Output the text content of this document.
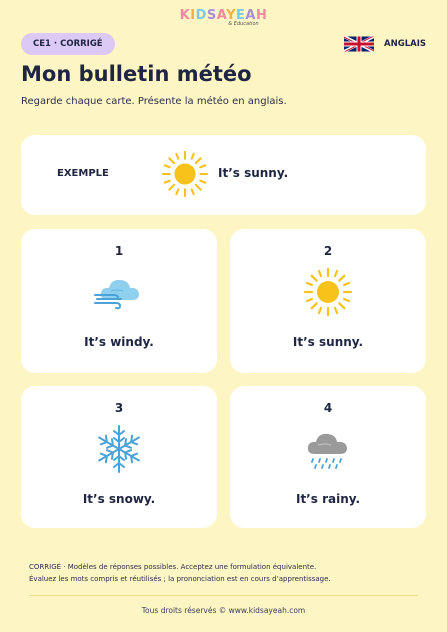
KIDSAYEAH
& Education
CE1 · CORRIGÉ	ANGLAIS
Mon bulletin météo

Regarde chaque carte. Présente la météo en anglais.

EXEMPLE	It’s sunny.
1
It’s windy.
2
It’s sunny.
3
It’s snowy.
4
It’s rainy.
CORRIGÉ · Modèles de réponses possibles. Acceptez une formulation équivalente.
Évaluez les mots compris et réutilisés ; la prononciation est en cours d’apprentissage.
Tous droits réservés © www.kidsayeah.com
